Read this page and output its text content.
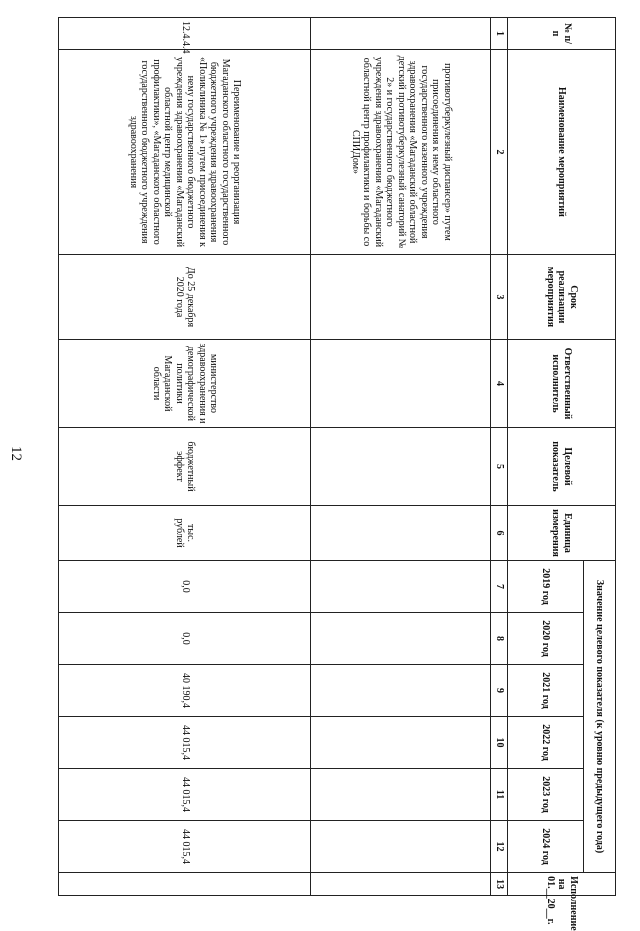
12
№ п/п	Наименование мероприятий	Срок реализации мероприятия	Ответственный исполнитель	Целевой показатель	Единица измерения	Значение целевого показателя (к уровню предыдущего года)						Исполнение на 01.__20__г.
						2019 год	2020 год	2021 год	2022 год	2023 год	2024 год	
1	2	3	4	5	6	7	8	9	10	11	12	13
	противотуберкулезный диспансер» путем присоединения к нему областного государственного казенного учреждения здравоохранения «Магаданский областной детский противотуберкулезный санаторий № 2» и государственного бюджетного учреждения здравоохранения «Магаданский областной центр профилактики и борьбы со СПИДом»											
12.4.4.4	Переименование и реорганизация Магаданского областного государственного бюджетного учреждения здравоохранения «Поликлиника № 1» путем присоединения к нему государственного бюджетного учреждения здравоохранения «Магаданский областной центр медицинской профилактики», «Магаданского областного государственного бюджетного учреждения здравоохранения	До 25 декабря 2020 года	министерство здравоохранения и демографической политики Магаданской области	бюджетный эффект	тыс. рублей	0,0	0,0	40 190,4	44 015,4	44 015,4	44 015,4	
